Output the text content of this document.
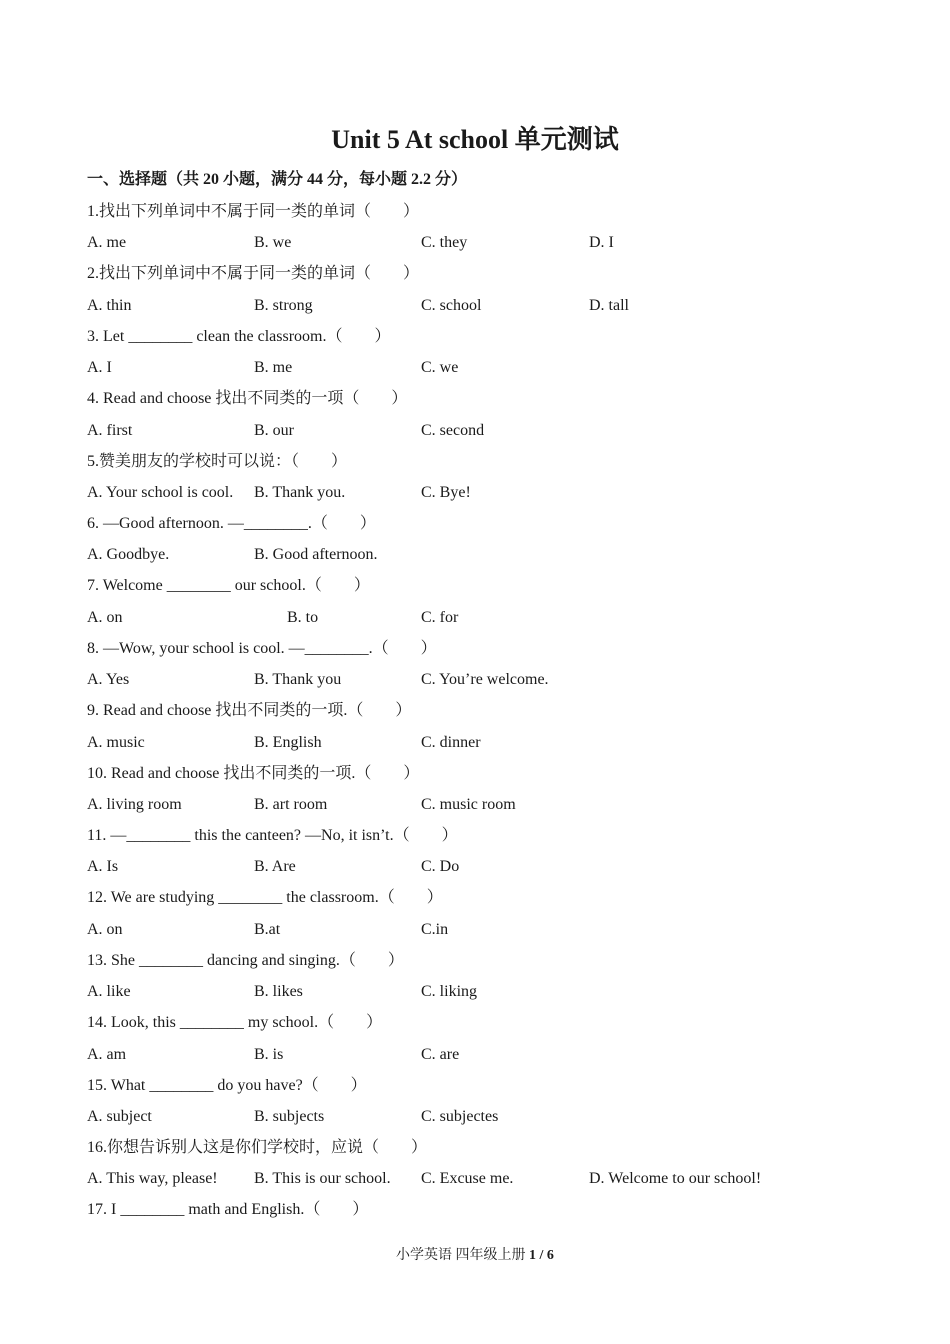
Unit 5 At school 单元测试
一、选择题（共 20 小题，满分 44 分，每小题 2.2 分）
1.找出下列单词中不属于同一类的单词（　　）
A. me	B. we	C. they	D. I
2.找出下列单词中不属于同一类的单词（　　）
A. thin	B. strong	C. school	D. tall
3. Let ________ clean the classroom.（　　）
A. I	B. me	C. we
4. Read and choose 找出不同类的一项（　　）
A. first	B. our	C. second
5.赞美朋友的学校时可以说：（　　）
A. Your school is cool. B. Thank you.	C. Bye!
6. —Good afternoon. —________.（　　）
A. Goodbye.	B. Good afternoon.
7. Welcome ________ our school.（　　）
A. on	B. to	C. for
8. —Wow, your school is cool. —________.（　　）
A. Yes	B. Thank you	C. You’re welcome.
9. Read and choose 找出不同类的一项.（　　）
A. music	B. English	C. dinner
10. Read and choose 找出不同类的一项.（　　）
A. living room	B. art room	C. music room
11. —________ this the canteen? —No, it isn’t.（　　）
A. Is	B. Are	C. Do
12. We are studying ________ the classroom.（　　）
A. on	B.at	C.in
13. She ________ dancing and singing.（　　）
A. like	B. likes	C. liking
14. Look, this ________ my school.（　　）
A. am	B. is	C. are
15. What ________ do you have?（　　）
A. subject	B. subjects	C. subjectes
16.你想告诉别人这是你们学校时，应说（　　）
A. This way, please! B. This is our school. C. Excuse me.	D. Welcome to our school!
17. I ________ math and English.（　　）
小学英语 四年级上册 1 / 6
